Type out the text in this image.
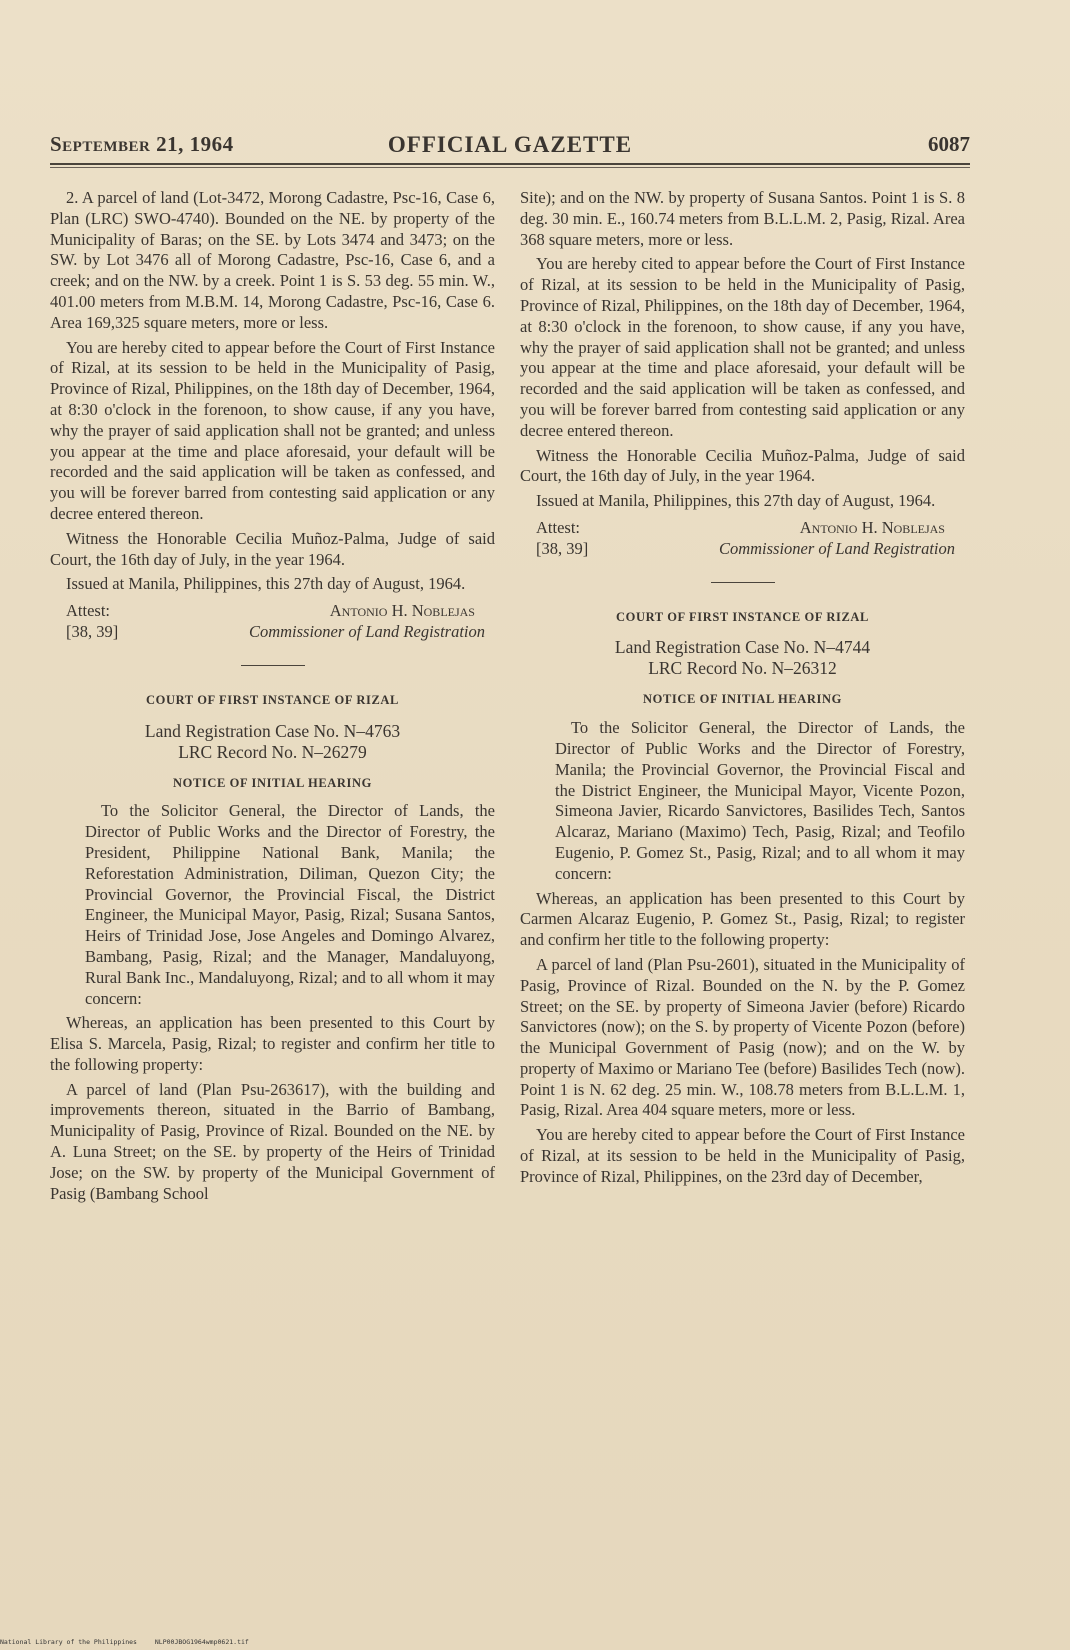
September 21, 1964	OFFICIAL GAZETTE	6087

2. A parcel of land (Lot-3472, Morong Cadastre, Psc-16, Case 6, Plan (LRC) SWO-4740). Bounded on the NE. by property of the Municipality of Baras; on the SE. by Lots 3474 and 3473; on the SW. by Lot 3476 all of Morong Cadastre, Psc-16, Case 6, and a creek; and on the NW. by a creek. Point 1 is S. 53 deg. 55 min. W., 401.00 meters from M.B.M. 14, Morong Cadastre, Psc-16, Case 6. Area 169,325 square meters, more or less.

You are hereby cited to appear before the Court of First Instance of Rizal, at its session to be held in the Municipality of Pasig, Province of Rizal, Philippines, on the 18th day of December, 1964, at 8:30 o'clock in the forenoon, to show cause, if any you have, why the prayer of said application shall not be granted; and unless you appear at the time and place aforesaid, your default will be recorded and the said application will be taken as confessed, and you will be forever barred from contesting said application or any decree entered thereon.

Witness the Honorable Cecilia Muñoz-Palma, Judge of said Court, the 16th day of July, in the year 1964.

Issued at Manila, Philippines, this 27th day of August, 1964.

Attest:	Antonio H. Noblejas
[38, 39]	Commissioner of Land Registration
COURT OF FIRST INSTANCE OF RIZAL
Land Registration Case No. N–4763
LRC Record No. N–26279
NOTICE OF INITIAL HEARING

To the Solicitor General, the Director of Lands, the Director of Public Works and the Director of Forestry, the President, Philippine National Bank, Manila; the Reforestation Administration, Diliman, Quezon City; the Provincial Governor, the Provincial Fiscal, the District Engineer, the Municipal Mayor, Pasig, Rizal; Susana Santos, Heirs of Trinidad Jose, Jose Angeles and Domingo Alvarez, Bambang, Pasig, Rizal; and the Manager, Mandaluyong, Rural Bank Inc., Mandaluyong, Rizal; and to all whom it may concern:

Whereas, an application has been presented to this Court by Elisa S. Marcela, Pasig, Rizal; to register and confirm her title to the following property:

A parcel of land (Plan Psu-263617), with the building and improvements thereon, situated in the Barrio of Bambang, Municipality of Pasig, Province of Rizal. Bounded on the NE. by A. Luna Street; on the SE. by property of the Heirs of Trinidad Jose; on the SW. by property of the Municipal Government of Pasig (Bambang School

Site); and on the NW. by property of Susana Santos. Point 1 is S. 8 deg. 30 min. E., 160.74 meters from B.L.L.M. 2, Pasig, Rizal. Area 368 square meters, more or less.

You are hereby cited to appear before the Court of First Instance of Rizal, at its session to be held in the Municipality of Pasig, Province of Rizal, Philippines, on the 18th day of December, 1964, at 8:30 o'clock in the forenoon, to show cause, if any you have, why the prayer of said application shall not be granted; and unless you appear at the time and place aforesaid, your default will be recorded and the said application will be taken as confessed, and you will be forever barred from contesting said application or any decree entered thereon.

Witness the Honorable Cecilia Muñoz-Palma, Judge of said Court, the 16th day of July, in the year 1964.

Issued at Manila, Philippines, this 27th day of August, 1964.

Attest:	Antonio H. Noblejas
[38, 39]	Commissioner of Land Registration
COURT OF FIRST INSTANCE OF RIZAL
Land Registration Case No. N–4744
LRC Record No. N–26312
NOTICE OF INITIAL HEARING

To the Solicitor General, the Director of Lands, the Director of Public Works and the Director of Forestry, Manila; the Provincial Governor, the Provincial Fiscal and the District Engineer, the Municipal Mayor, Vicente Pozon, Simeona Javier, Ricardo Sanvictores, Basilides Tech, Santos Alcaraz, Mariano (Maximo) Tech, Pasig, Rizal; and Teofilo Eugenio, P. Gomez St., Pasig, Rizal; and to all whom it may concern:

Whereas, an application has been presented to this Court by Carmen Alcaraz Eugenio, P. Gomez St., Pasig, Rizal; to register and confirm her title to the following property:

A parcel of land (Plan Psu-2601), situated in the Municipality of Pasig, Province of Rizal. Bounded on the N. by the P. Gomez Street; on the SE. by property of Simeona Javier (before) Ricardo Sanvictores (now); on the S. by property of Vicente Pozon (before) the Municipal Government of Pasig (now); and on the W. by property of Maximo or Mariano Tee (before) Basilides Tech (now). Point 1 is N. 62 deg. 25 min. W., 108.78 meters from B.L.L.M. 1, Pasig, Rizal. Area 404 square meters, more or less.

You are hereby cited to appear before the Court of First Instance of Rizal, at its session to be held in the Municipality of Pasig, Province of Rizal, Philippines, on the 23rd day of December,

National Library of the Philippines	NLP00JBOG1964wmp0621.tif
